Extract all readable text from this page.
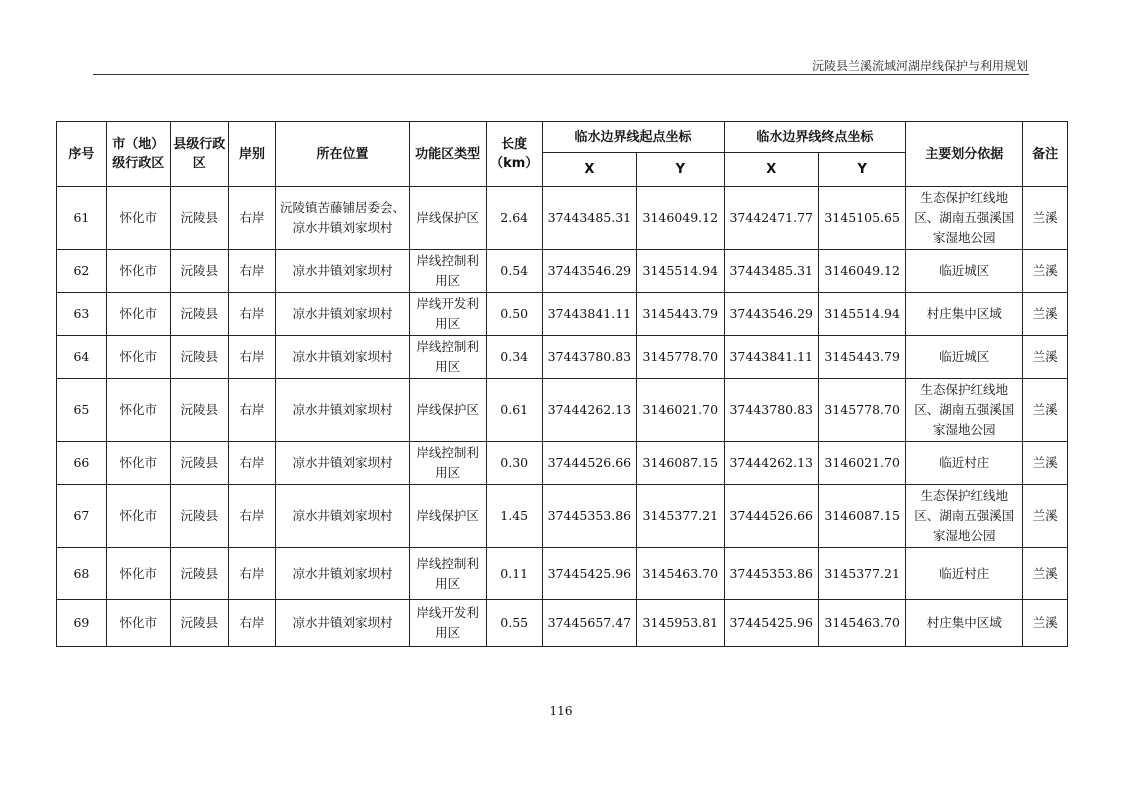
沅陵县兰溪流域河湖岸线保护与利用规划
序号	市（地）级行政区	县级行政区	岸别	所在位置	功能区类型	长度（km）	临水边界线起点坐标		临水边界线终点坐标		主要划分依据	备注
							X	Y	X	Y		
61	怀化市	沅陵县	右岸	沅陵镇苦藤铺居委会、凉水井镇刘家坝村	岸线保护区	2.64	37443485.31	3146049.12	37442471.77	3145105.65	生态保护红线地区、湖南五强溪国家湿地公园	兰溪
62	怀化市	沅陵县	右岸	凉水井镇刘家坝村	岸线控制利用区	0.54	37443546.29	3145514.94	37443485.31	3146049.12	临近城区	兰溪
63	怀化市	沅陵县	右岸	凉水井镇刘家坝村	岸线开发利用区	0.50	37443841.11	3145443.79	37443546.29	3145514.94	村庄集中区域	兰溪
64	怀化市	沅陵县	右岸	凉水井镇刘家坝村	岸线控制利用区	0.34	37443780.83	3145778.70	37443841.11	3145443.79	临近城区	兰溪
65	怀化市	沅陵县	右岸	凉水井镇刘家坝村	岸线保护区	0.61	37444262.13	3146021.70	37443780.83	3145778.70	生态保护红线地区、湖南五强溪国家湿地公园	兰溪
66	怀化市	沅陵县	右岸	凉水井镇刘家坝村	岸线控制利用区	0.30	37444526.66	3146087.15	37444262.13	3146021.70	临近村庄	兰溪
67	怀化市	沅陵县	右岸	凉水井镇刘家坝村	岸线保护区	1.45	37445353.86	3145377.21	37444526.66	3146087.15	生态保护红线地区、湖南五强溪国家湿地公园	兰溪
68	怀化市	沅陵县	右岸	凉水井镇刘家坝村	岸线控制利用区	0.11	37445425.96	3145463.70	37445353.86	3145377.21	临近村庄	兰溪
69	怀化市	沅陵县	右岸	凉水井镇刘家坝村	岸线开发利用区	0.55	37445657.47	3145953.81	37445425.96	3145463.70	村庄集中区域	兰溪
116
